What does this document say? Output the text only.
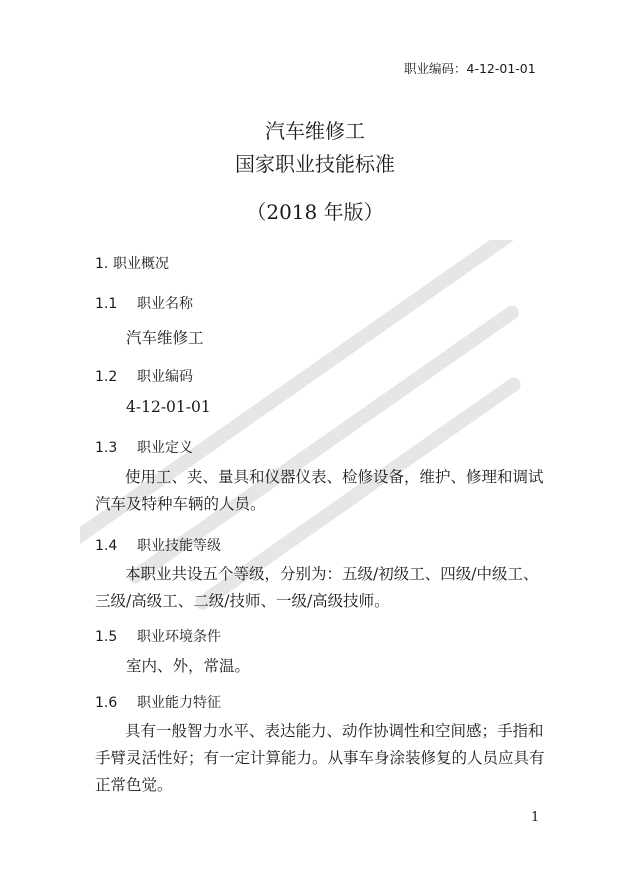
职业编码：4-12-01-01
汽车维修工
国家职业技能标准
（2018 年版）
1. 职业概况
1.1 职业名称
汽车维修工
1.2 职业编码
4-12-01-01
1.3 职业定义
使用工、夹、量具和仪器仪表、检修设备，维护、修理和调试
汽车及特种车辆的人员。
1.4 职业技能等级
本职业共设五个等级，分别为：五级/初级工、四级/中级工、
三级/高级工、二级/技师、一级/高级技师。
1.5 职业环境条件
室内、外，常温。
1.6 职业能力特征
具有一般智力水平、表达能力、动作协调性和空间感；手指和
手臂灵活性好；有一定计算能力。从事车身涂装修复的人员应具有
正常色觉。
1
